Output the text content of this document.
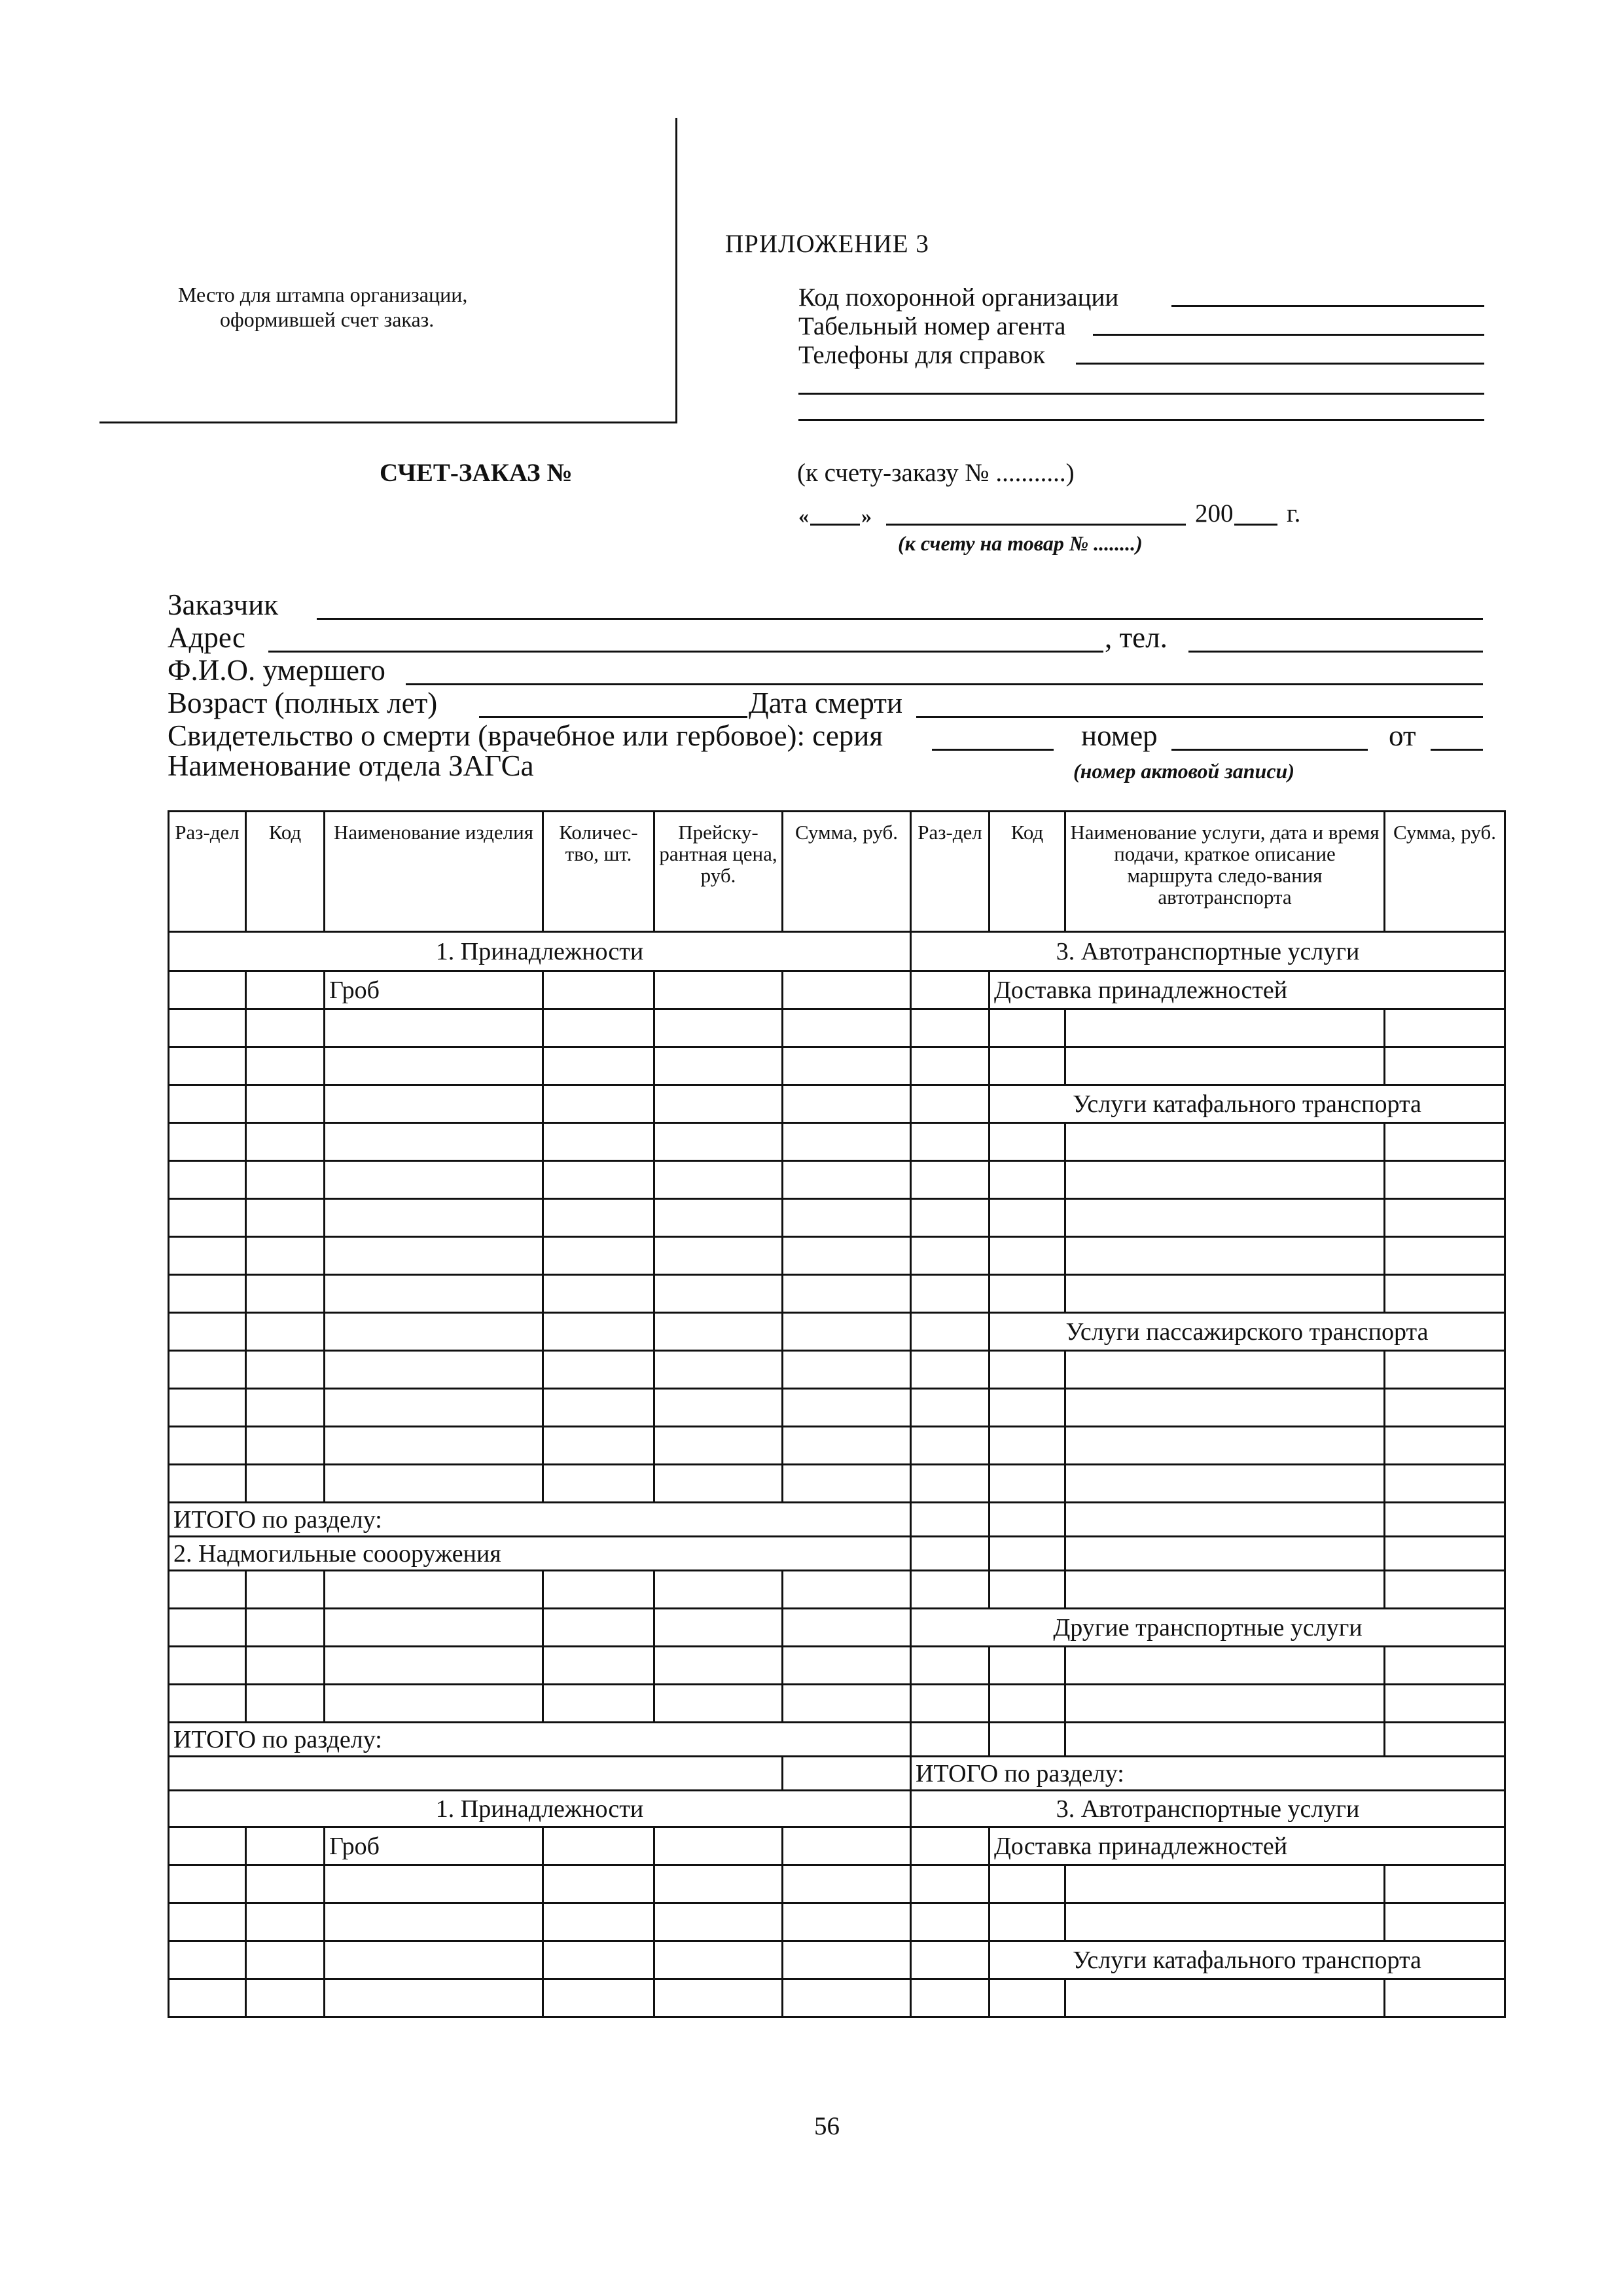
Место для штампа организации,
оформившей счет заказ.
ПРИЛОЖЕНИЕ 3
Код похоронной организации
Табельный номер агента
Телефоны для справок
СЧЕТ-ЗАКАЗ №	(к счету-заказу № ...........)
«	»	200 г.
(к счету на товар № ........)
Заказчик
Адрес	, тел.
Ф.И.О. умершего
Возраст (полных лет)	Дата смерти
Свидетельство о смерти (врачебное или гербовое): серия	номер	от
Наименование отдела ЗАГСа	(номер актовой записи)
Раз-дел	Код	Наименование изделия	Количес-тво, шт.	Прейску-рантная цена, руб.	Сумма, руб.	Раз-дел	Код	Наименование услуги, дата и время подачи, краткое описание маршрута следо-вания автотранспорта	Сумма, руб.
1. Принадлежности						3. Автотранспортные услуги			
		Гроб					Доставка принадлежностей		

							Услуги катафального транспорта		

							Услуги пассажирского транспорта		

ИТОГО по разделу:									
2. Надмогильные соооружения									

						Другие транспортные услуги			

ИТОГО по разделу:									
						ИТОГО по разделу:			
1. Принадлежности						3. Автотранспортные услуги			
		Гроб					Доставка принадлежностей		

							Услуги катафального транспорта		

56
